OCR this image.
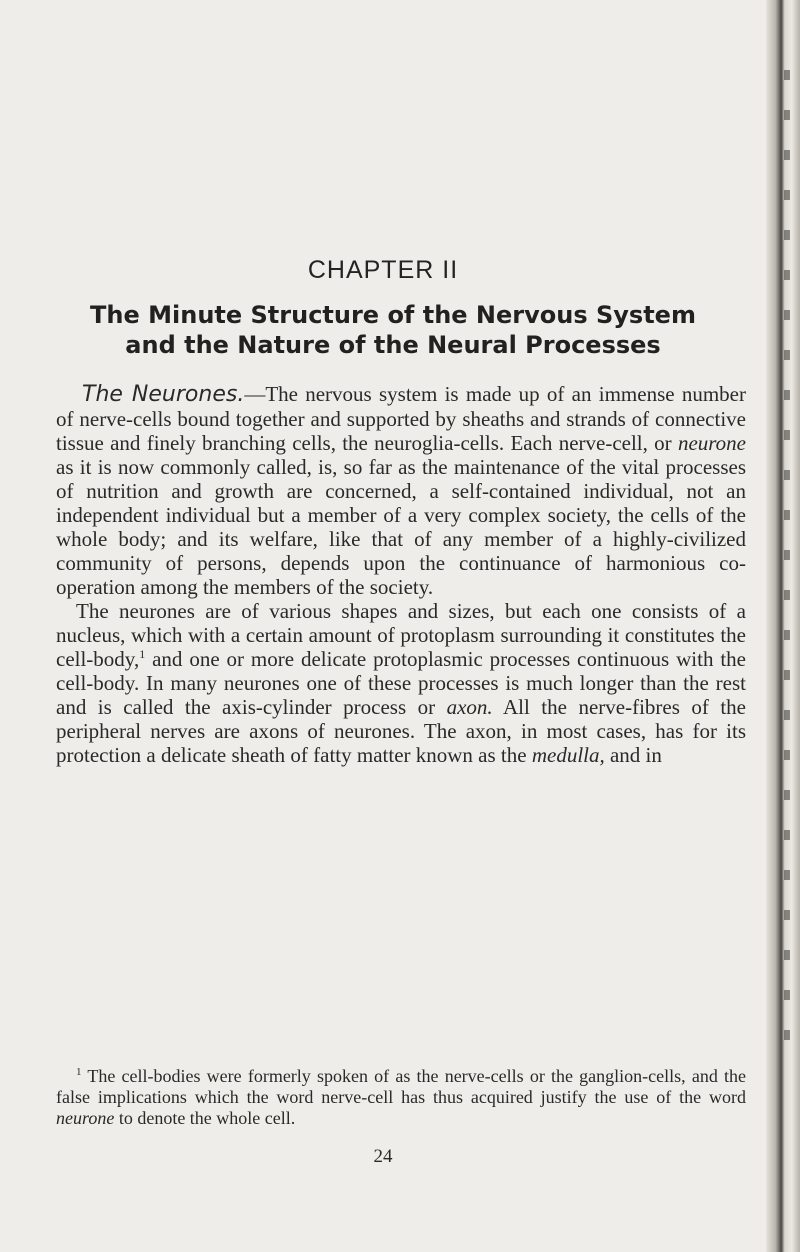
CHAPTER II
The Minute Structure of the Nervous System
and the Nature of the Neural Processes

The Neurones.—The nervous system is made up of an immense number of nerve-cells bound together and supported by sheaths and strands of connective tissue and finely branching cells, the neuroglia-cells. Each nerve-cell, or neurone as it is now commonly called, is, so far as the maintenance of the vital processes of nutrition and growth are concerned, a self-contained individual, not an independent individual but a member of a very complex society, the cells of the whole body; and its welfare, like that of any member of a highly-civilized community of persons, depends upon the continuance of harmonious co-operation among the members of the society.

The neurones are of various shapes and sizes, but each one consists of a nucleus, which with a certain amount of protoplasm surrounding it constitutes the cell-body,$^1$ and one or more delicate protoplasmic processes continuous with the cell-body. In many neurones one of these processes is much longer than the rest and is called the axis-cylinder process or axon. All the nerve-fibres of the peripheral nerves are axons of neurones. The axon, in most cases, has for its protection a delicate sheath of fatty matter known as the medulla, and in

$^1$ The cell-bodies were formerly spoken of as the nerve-cells or the ganglion-cells, and the false implications which the word nerve-cell has thus acquired justify the use of the word neurone to denote the whole cell.
24
